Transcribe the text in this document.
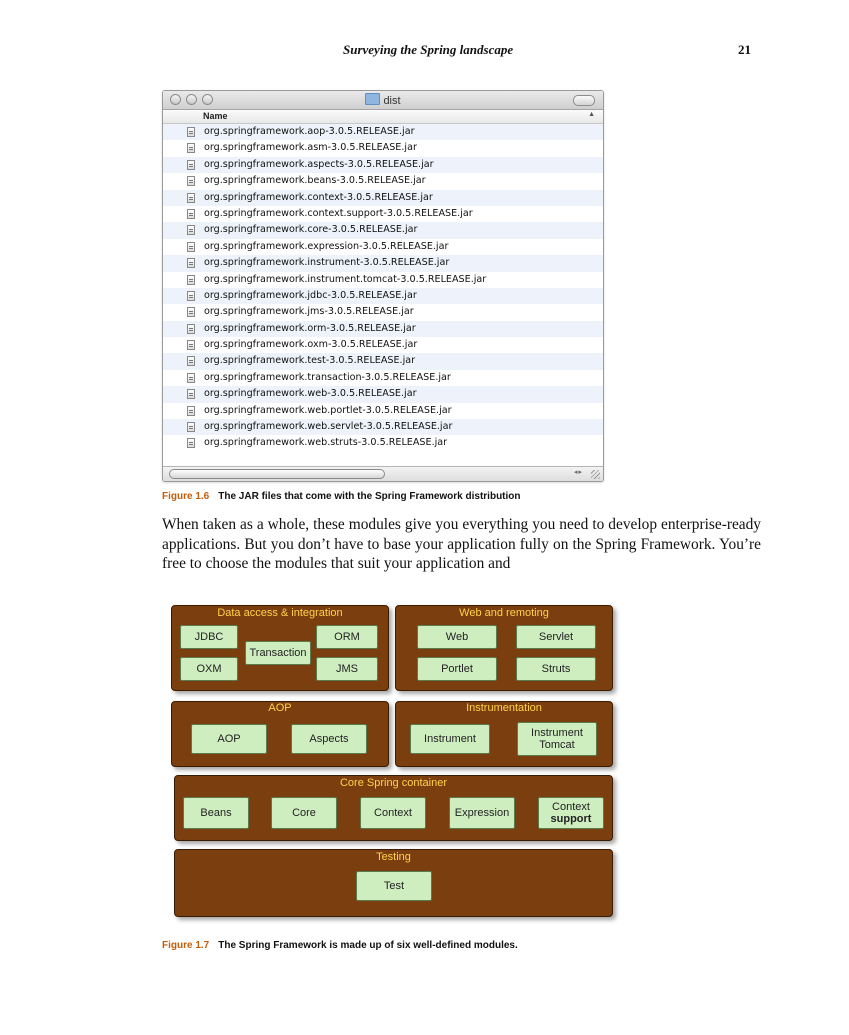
Surveying the Spring landscape	21
dist
Name	▲
org.springframework.aop-3.0.5.RELEASE.jar
org.springframework.asm-3.0.5.RELEASE.jar
org.springframework.aspects-3.0.5.RELEASE.jar
org.springframework.beans-3.0.5.RELEASE.jar
org.springframework.context-3.0.5.RELEASE.jar
org.springframework.context.support-3.0.5.RELEASE.jar
org.springframework.core-3.0.5.RELEASE.jar
org.springframework.expression-3.0.5.RELEASE.jar
org.springframework.instrument-3.0.5.RELEASE.jar
org.springframework.instrument.tomcat-3.0.5.RELEASE.jar
org.springframework.jdbc-3.0.5.RELEASE.jar
org.springframework.jms-3.0.5.RELEASE.jar
org.springframework.orm-3.0.5.RELEASE.jar
org.springframework.oxm-3.0.5.RELEASE.jar
org.springframework.test-3.0.5.RELEASE.jar
org.springframework.transaction-3.0.5.RELEASE.jar
org.springframework.web-3.0.5.RELEASE.jar
org.springframework.web.portlet-3.0.5.RELEASE.jar
org.springframework.web.servlet-3.0.5.RELEASE.jar
org.springframework.web.struts-3.0.5.RELEASE.jar
◂▸
Figure 1.6 The JAR files that come with the Spring Framework distribution

When taken as a whole, these modules give you everything you need to develop enterprise-ready applications. But you don’t have to base your application fully on the Spring Framework. You’re free to choose the modules that suit your application and

Data access & integration
JDBC	ORM
Transaction
OXM	JMS
Web and remoting
Web	Servlet
Portlet	Struts
AOP
AOP	Aspects
Instrumentation
Instrument	Instrument
Tomcat
Core Spring container
Beans	Core	Context	Expression	Context
support
Testing
Test
Figure 1.7 The Spring Framework is made up of six well-defined modules.
